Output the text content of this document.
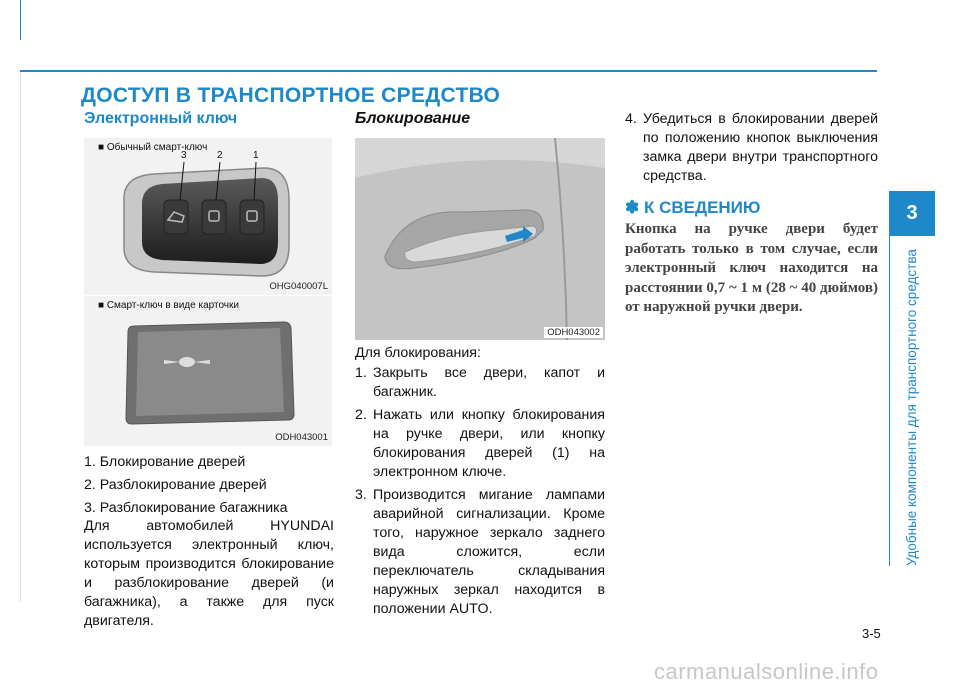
ДОСТУП В ТРАНСПОРТНОЕ СРЕДСТВО
Электронный ключ
■ Обычный смарт-ключ
3	2	1
OHG040007L
■ Смарт-ключ в виде карточки
ODH043001
1. Блокирование дверей
2. Разблокирование дверей
3. Разблокирование багажника

Для автомобилей HYUNDAI используется электронный ключ, которым производится блокирование и разблокирование дверей (и багажника), а также для пуск двигателя.

Блокирование
ODH043002

Для блокирования:

1. Закрыть все двери, капот и багажник.
2. Нажать или кнопку блокирования на ручке двери, или кнопку блокирования дверей (1) на электронном ключе.
3. Производится мигание лампами аварийной сигнализации. Кроме того, наружное зеркало заднего вида сложится, если переключатель складывания наружных зеркал находится в положении AUTO.
4. Убедиться в блокировании дверей по положению кнопок выключения замка двери внутри транспортного средства.
✽ К СВЕДЕНИЮ

Кнопка на ручке двери будет работать только в том случае, если электронный ключ находится на расстоянии 0,7 ~ 1 м (28 ~ 40 дюймов) от наружной ручки двери.

3
Удобные компоненты для транспортного средства
3-5
carmanualsonline.info
